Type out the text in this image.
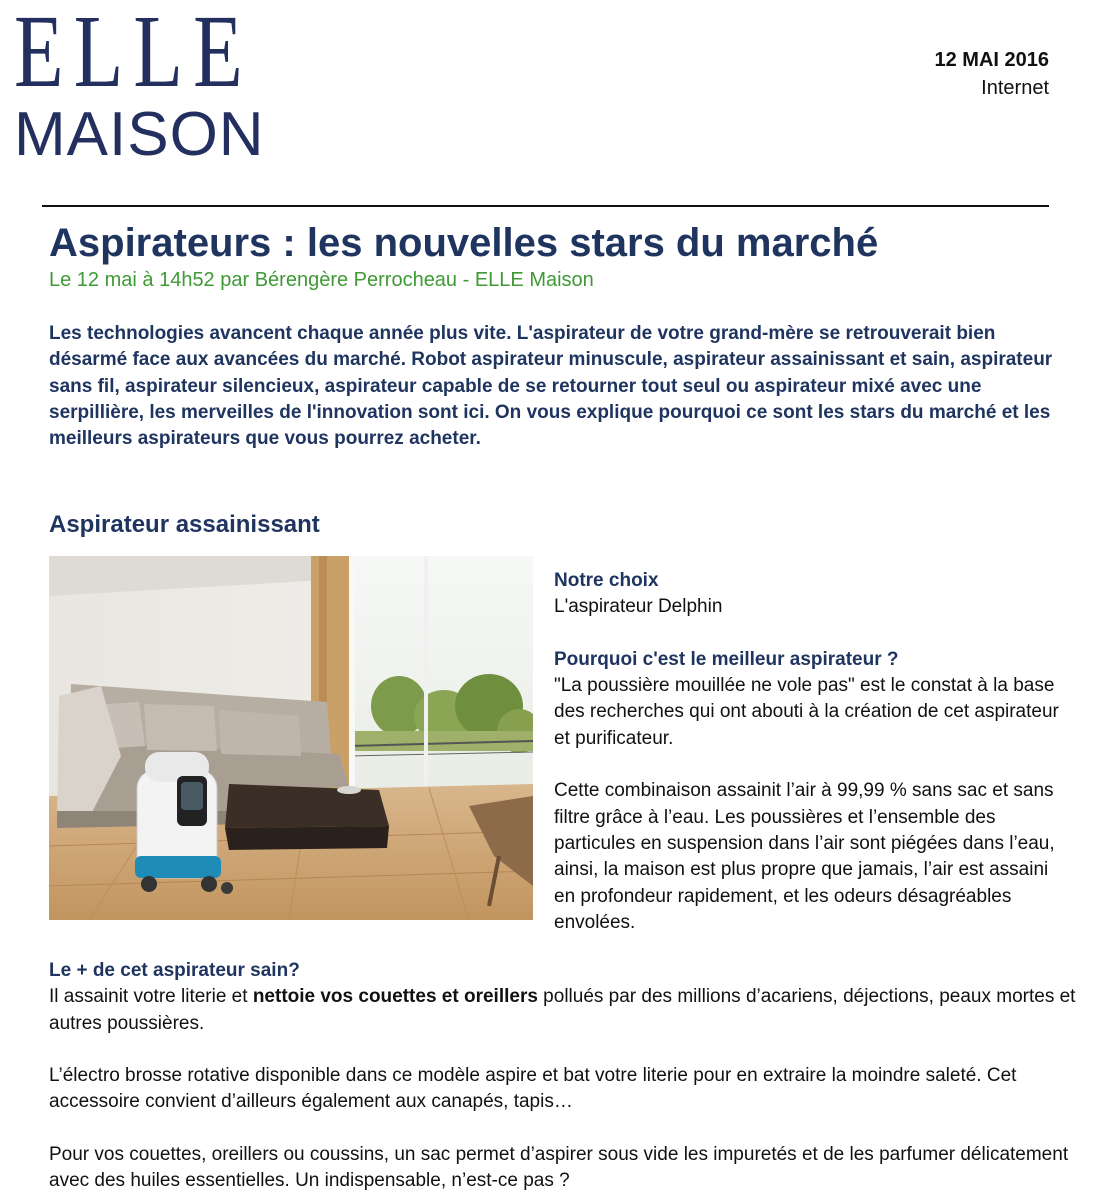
ELLE
MAISON
12 MAI 2016
Internet
Aspirateurs : les nouvelles stars du marché
Le 12 mai à 14h52 par Bérengère Perrocheau - ELLE Maison

Les technologies avancent chaque année plus vite. L'aspirateur de votre grand-mère se retrouverait bien désarmé face aux avancées du marché. Robot aspirateur minuscule, aspirateur assainissant et sain, aspirateur sans fil, aspirateur silencieux, aspirateur capable de se retourner tout seul ou aspirateur mixé avec une serpillière, les merveilles de l'innovation sont ici. On vous explique pourquoi ce sont les stars du marché et les meilleurs aspirateurs que vous pourrez acheter.

Aspirateur assainissant

Notre choix

L'aspirateur Delphin

Pourquoi c'est le meilleur aspirateur ?

"La poussière mouillée ne vole pas" est le constat à la base des recherches qui ont abouti à la création de cet aspirateur et purificateur.

Cette combinaison assainit l’air à 99,99 % sans sac et sans filtre grâce à l’eau. Les poussières et l’ensemble des particules en suspension dans l’air sont piégées dans l’eau, ainsi, la maison est plus propre que jamais, l’air est assaini en profondeur rapidement, et les odeurs désagréables envolées.

Le + de cet aspirateur sain?

Il assainit votre literie et nettoie vos couettes et oreillers pollués par des millions d’acariens, déjections, peaux mortes et autres poussières.

L’électro brosse rotative disponible dans ce modèle aspire et bat votre literie pour en extraire la moindre saleté. Cet accessoire convient d’ailleurs également aux canapés, tapis…

Pour vos couettes, oreillers ou coussins, un sac permet d’aspirer sous vide les impuretés et de les parfumer délicatement avec des huiles essentielles. Un indispensable, n’est-ce pas ?
